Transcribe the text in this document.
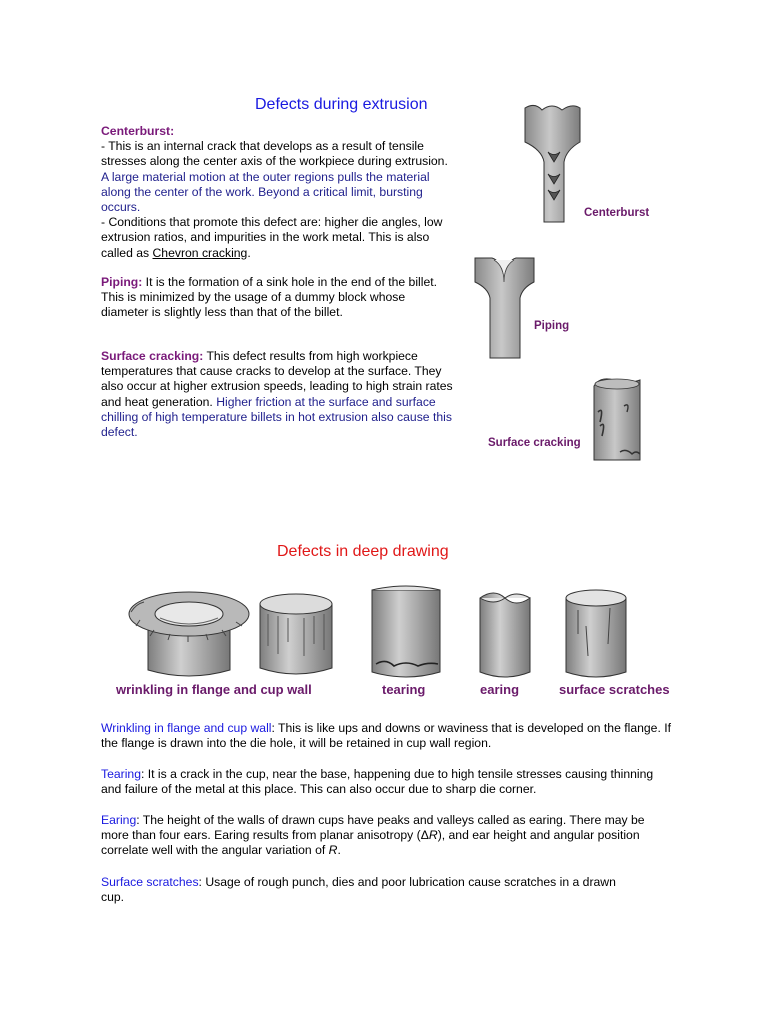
Defects during extrusion
Centerburst:
- This is an internal crack that develops as a result of tensile stresses along the center axis of the workpiece during extrusion. A large material motion at the outer regions pulls the material along the center of the work. Beyond a critical limit, bursting occurs.
- Conditions that promote this defect are: higher die angles, low extrusion ratios, and impurities in the work metal. This is also called as Chevron cracking.
Piping: It is the formation of a sink hole in the end of the billet. This is minimized by the usage of a dummy block whose diameter is slightly less than that of the billet.
Surface cracking: This defect results from high workpiece temperatures that cause cracks to develop at the surface. They also occur at higher extrusion speeds, leading to high strain rates and heat generation. Higher friction at the surface and surface chilling of high temperature billets in hot extrusion also cause this defect.
Centerburst
Piping
Surface cracking
Defects in deep drawing
wrinkling in flange and cup wall	tearing	earing	surface scratches
Wrinkling in flange and cup wall: This is like ups and downs or waviness that is developed on the flange. If the flange is drawn into the die hole, it will be retained in cup wall region.
Tearing: It is a crack in the cup, near the base, happening due to high tensile stresses causing thinning and failure of the metal at this place. This can also occur due to sharp die corner.
Earing: The height of the walls of drawn cups have peaks and valleys called as earing. There may be more than four ears. Earing results from planar anisotropy (ΔR), and ear height and angular position correlate well with the angular variation of R.
Surface scratches: Usage of rough punch, dies and poor lubrication cause scratches in a drawn cup.
